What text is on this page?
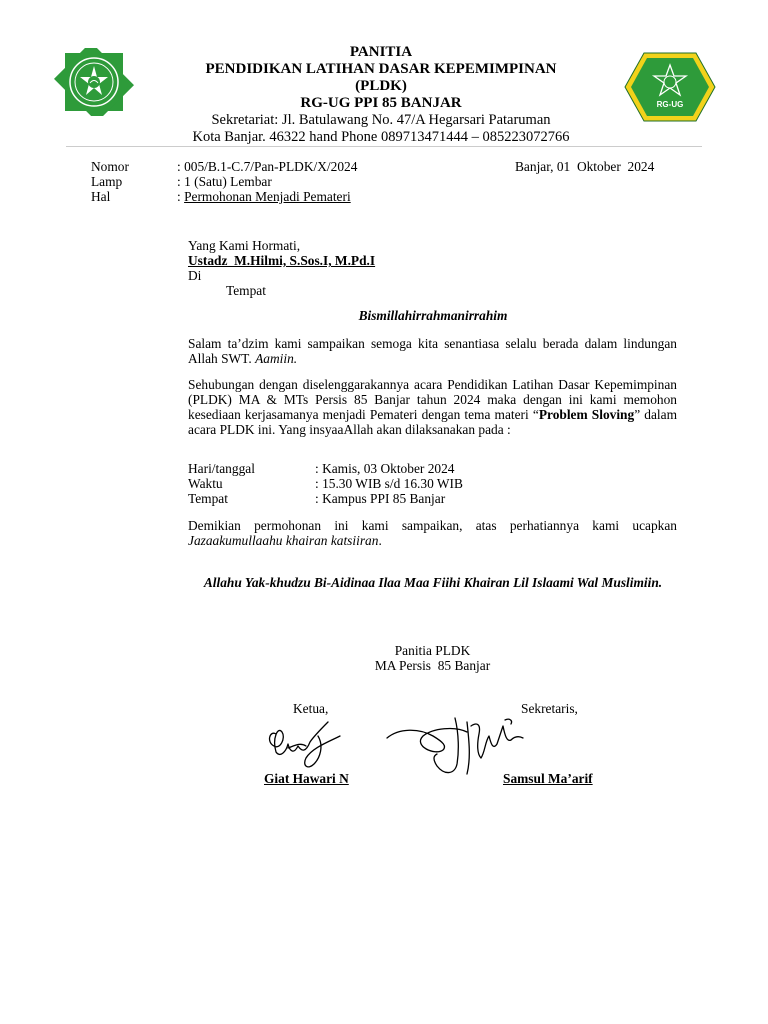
RG-UG
PANITIA
PENDIDIKAN LATIHAN DASAR KEPEMIMPINAN
(PLDK)
RG-UG PPI 85 BANJAR
Sekretariat: Jl. Batulawang No. 47/A Hegarsari Pataruman
Kota Banjar. 46322 hand Phone 089713471444 – 085223072766
Nomor	: 005/B.1-C.7/Pan-PLDK/X/2024
Lamp	: 1 (Satu) Lembar
Hal	: Permohonan Menjadi Pemateri
Banjar, 01  Oktober  2024
Yang Kami Hormati,
Ustadz  M.Hilmi, S.Sos.I, M.Pd.I
Di
Tempat
Bismillahirrahmanirrahim
Salam ta’dzim kami sampaikan semoga kita senantiasa selalu berada dalam lindungan Allah SWT. Aamiin.
Sehubungan dengan diselenggarakannya acara Pendidikan Latihan Dasar Kepemimpinan (PLDK) MA & MTs Persis 85 Banjar tahun 2024 maka dengan ini kami memohon kesediaan kerjasamanya menjadi Pemateri dengan tema materi “Problem Sloving” dalam acara PLDK ini. Yang insyaaAllah akan dilaksanakan pada :
Hari/tanggal	: Kamis, 03 Oktober 2024
Waktu	: 15.30 WIB s/d 16.30 WIB
Tempat	: Kampus PPI 85 Banjar
Demikian permohonan ini kami sampaikan, atas perhatiannya kami ucapkan Jazaakumullaahu khairan katsiiran.
Allahu Yak-khudzu Bi-Aidinaa Ilaa Maa Fiihi Khairan Lil Islaami Wal Muslimiin.
Panitia PLDK
MA Persis  85 Banjar
Ketua,	Sekretaris,
Giat Hawari N	Samsul Ma’arif
